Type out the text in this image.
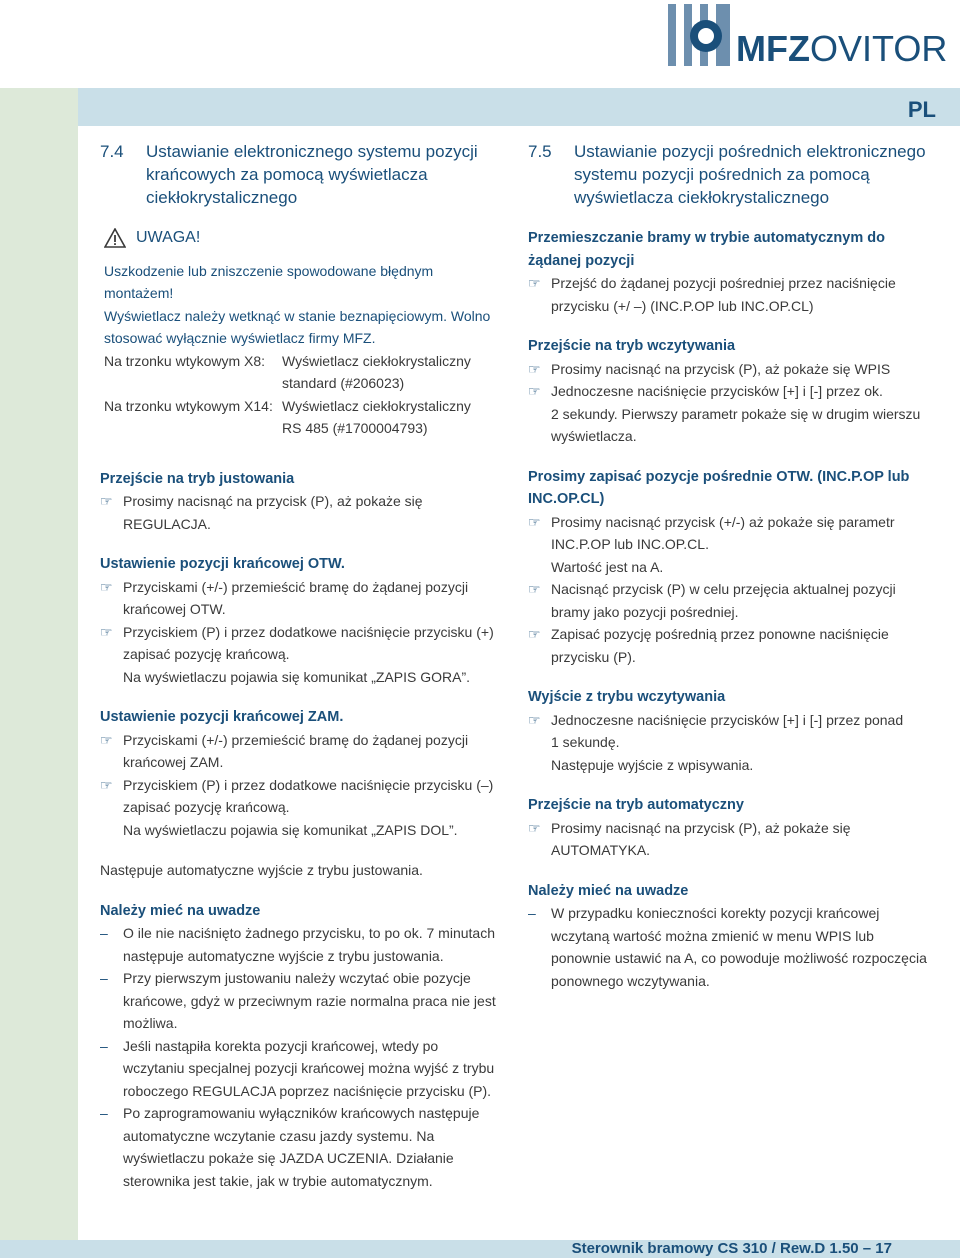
PL
MFZOVITOR
7.4	Ustawianie elektronicznego systemu pozycji krańcowych za pomocą wyświetlacza ciekłokrystalicznego
UWAGA!
Uszkodzenie lub zniszczenie spowodowane błędnym montażem!
Wyświetlacz należy wetknąć w stanie beznapięciowym. Wolno stosować wyłącznie wyświetlacz firmy MFZ.
Na trzonku wtykowym X8:	Wyświetlacz ciekłokrystaliczny
standard (#206023)
Na trzonku wtykowym X14: Wyświetlacz ciekłokrystaliczny
RS 485 (#1700004793)
Przejście na tryb justowania
☞ Prosimy nacisnąć na przycisk (P), aż pokaże się REGULACJA.
Ustawienie pozycji krańcowej OTW.
☞ Przyciskami (+/-) przemieścić bramę do żądanej pozycji
krańcowej OTW.
☞ Przyciskiem (P) i przez dodatkowe naciśnięcie przycisku (+)
zapisać pozycję krańcową.
Na wyświetlaczu pojawia się komunikat „ZAPIS GORA”.
Ustawienie pozycji krańcowej ZAM.
☞ Przyciskami (+/-) przemieścić bramę do żądanej pozycji
krańcowej ZAM.
☞ Przyciskiem (P) i przez dodatkowe naciśnięcie przycisku (–)
zapisać pozycję krańcową.
Na wyświetlaczu pojawia się komunikat „ZAPIS DOL”.
Następuje automatyczne wyjście z trybu justowania.
Należy mieć na uwadze
–	O ile nie naciśnięto żadnego przycisku, to po ok. 7 minutach następuje automatyczne wyjście z trybu justowania.
–	Przy pierwszym justowaniu należy wczytać obie pozycje krańcowe, gdyż w przeciwnym razie normalna praca nie jest możliwa.
–	Jeśli nastąpiła korekta pozycji krańcowej, wtedy po wczytaniu specjalnej pozycji krańcowej można wyjść z trybu roboczego REGULACJA poprzez naciśnięcie przycisku (P).
–	Po zaprogramowaniu wyłączników krańcowych następuje automatyczne wczytanie czasu jazdy systemu. Na wyświetlaczu pokaże się JAZDA UCZENIA. Działanie sterownika jest takie, jak w trybie automatycznym.
7.5	Ustawianie pozycji pośrednich elektronicznego systemu pozycji pośrednich za pomocą wyświetlacza ciekłokrystalicznego
Przemieszczanie bramy w trybie automatycznym do żądanej pozycji
☞ Przejść do żądanej pozycji pośredniej przez naciśnięcie przycisku (+/ –) (INC.P.OP lub INC.OP.CL)
Przejście na tryb wczytywania
☞ Prosimy nacisnąć na przycisk (P), aż pokaże się WPIS
☞ Jednoczesne naciśnięcie przycisków [+] i [-] przez ok.
2 sekundy. Pierwszy parametr pokaże się w drugim wierszu wyświetlacza.
Prosimy zapisać pozycje pośrednie OTW. (INC.P.OP lub INC.OP.CL)
☞ Prosimy nacisnąć przycisk (+/-) aż pokaże się parametr
INC.P.OP lub INC.OP.CL.
Wartość jest na A.
☞ Nacisnąć przycisk (P) w celu przejęcia aktualnej pozycji bramy jako pozycji pośredniej.
☞ Zapisać pozycję pośrednią przez ponowne naciśnięcie przycisku (P).
Wyjście z trybu wczytywania
☞ Jednoczesne naciśnięcie przycisków [+] i [-] przez ponad
1 sekundę.
Następuje wyjście z wpisywania.
Przejście na tryb automatyczny
☞ Prosimy nacisnąć na przycisk (P), aż pokaże się AUTOMATYKA.
Należy mieć na uwadze
–	W przypadku konieczności korekty pozycji krańcowej wczytaną wartość można zmienić w menu WPIS lub ponownie ustawić na A, co powoduje możliwość rozpoczęcia ponownego wczytywania.
Sterownik bramowy CS 310 / Rew.D 1.50 – 17
